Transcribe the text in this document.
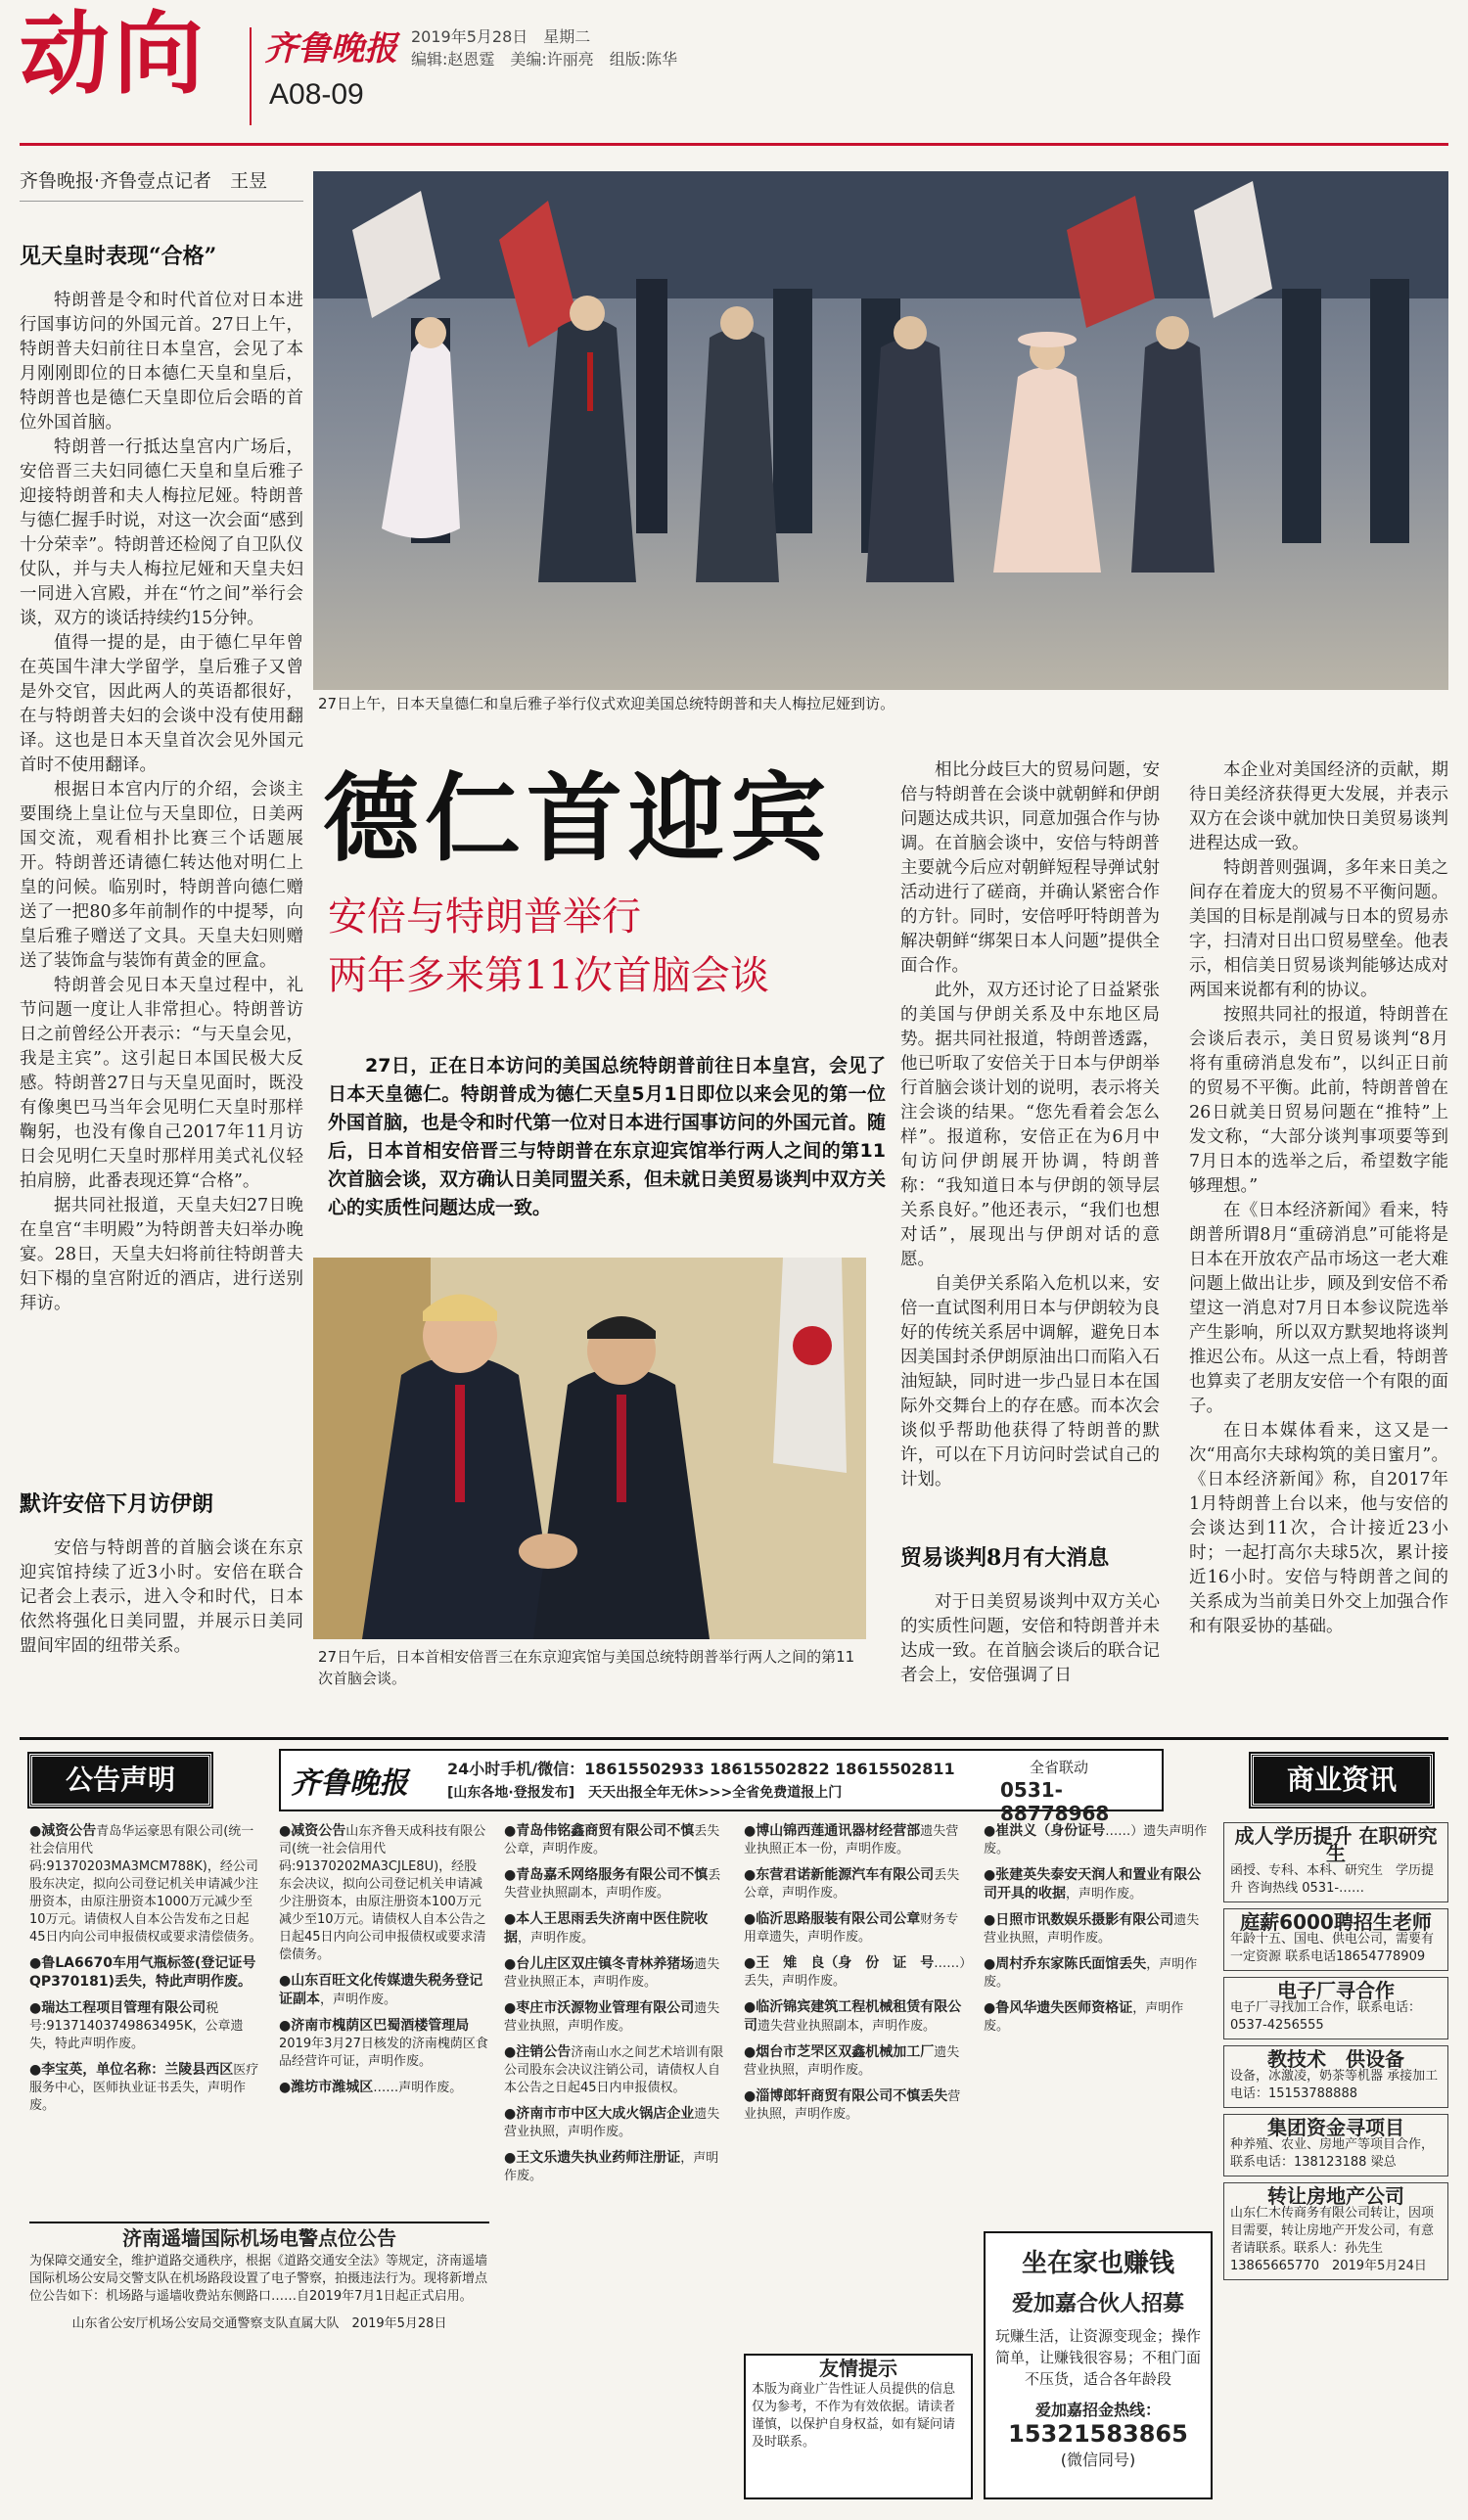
动向 齐鲁晚报
A08-09
2019年5月28日　星期二
编辑:赵恩霆　美编:许丽亮　组版:陈华
齐鲁晚报·齐鲁壹点记者　王昱
见天皇时表现“合格”

特朗普是令和时代首位对日本进行国事访问的外国元首。27日上午，特朗普夫妇前往日本皇宫，会见了本月刚刚即位的日本德仁天皇和皇后，特朗普也是德仁天皇即位后会晤的首位外国首脑。

特朗普一行抵达皇宫内广场后，安倍晋三夫妇同德仁天皇和皇后雅子迎接特朗普和夫人梅拉尼娅。特朗普与德仁握手时说，对这一次会面“感到十分荣幸”。特朗普还检阅了自卫队仪仗队，并与夫人梅拉尼娅和天皇夫妇一同进入宫殿，并在“竹之间”举行会谈，双方的谈话持续约15分钟。

值得一提的是，由于德仁早年曾在英国牛津大学留学，皇后雅子又曾是外交官，因此两人的英语都很好，在与特朗普夫妇的会谈中没有使用翻译。这也是日本天皇首次会见外国元首时不使用翻译。

根据日本宫内厅的介绍，会谈主要围绕上皇让位与天皇即位，日美两国交流，观看相扑比赛三个话题展开。特朗普还请德仁转达他对明仁上皇的问候。临别时，特朗普向德仁赠送了一把80多年前制作的中提琴，向皇后雅子赠送了文具。天皇夫妇则赠送了装饰盒与装饰有黄金的匣盒。

特朗普会见日本天皇过程中，礼节问题一度让人非常担心。特朗普访日之前曾经公开表示：“与天皇会见，我是主宾”。这引起日本国民极大反感。特朗普27日与天皇见面时，既没有像奥巴马当年会见明仁天皇时那样鞠躬，也没有像自己2017年11月访日会见明仁天皇时那样用美式礼仪轻拍肩膀，此番表现还算“合格”。

据共同社报道，天皇夫妇27日晚在皇宫“丰明殿”为特朗普夫妇举办晚宴。28日，天皇夫妇将前往特朗普夫妇下榻的皇宫附近的酒店，进行送别拜访。

默许安倍下月访伊朗

安倍与特朗普的首脑会谈在东京迎宾馆持续了近3小时。安倍在联合记者会上表示，进入令和时代，日本依然将强化日美同盟，并展示日美同盟间牢固的纽带关系。

27日上午，日本天皇德仁和皇后雅子举行仪式欢迎美国总统特朗普和夫人梅拉尼娅到访。
德仁首迎宾
安倍与特朗普举行
两年多来第11次首脑会谈

27日，正在日本访问的美国总统特朗普前往日本皇宫，会见了日本天皇德仁。特朗普成为德仁天皇5月1日即位以来会见的第一位外国首脑，也是令和时代第一位对日本进行国事访问的外国元首。随后，日本首相安倍晋三与特朗普在东京迎宾馆举行两人之间的第11次首脑会谈，双方确认日美同盟关系，但未就日美贸易谈判中双方关心的实质性问题达成一致。

27日午后，日本首相安倍晋三在东京迎宾馆与美国总统特朗普举行两人之间的第11次首脑会谈。

相比分歧巨大的贸易问题，安倍与特朗普在会谈中就朝鲜和伊朗问题达成共识，同意加强合作与协调。在首脑会谈中，安倍与特朗普主要就今后应对朝鲜短程导弹试射活动进行了磋商，并确认紧密合作的方针。同时，安倍呼吁特朗普为解决朝鲜“绑架日本人问题”提供全面合作。

此外，双方还讨论了日益紧张的美国与伊朗关系及中东地区局势。据共同社报道，特朗普透露，他已听取了安倍关于日本与伊朗举行首脑会谈计划的说明，表示将关注会谈的结果。“您先看着会怎么样”。报道称，安倍正在为6月中旬访问伊朗展开协调，特朗普称：“我知道日本与伊朗的领导层关系良好。”他还表示，“我们也想对话”，展现出与伊朗对话的意愿。

自美伊关系陷入危机以来，安倍一直试图利用日本与伊朗较为良好的传统关系居中调解，避免日本因美国封杀伊朗原油出口而陷入石油短缺，同时进一步凸显日本在国际外交舞台上的存在感。而本次会谈似乎帮助他获得了特朗普的默许，可以在下月访问时尝试自己的计划。

贸易谈判8月有大消息

对于日美贸易谈判中双方关心的实质性问题，安倍和特朗普并未达成一致。在首脑会谈后的联合记者会上，安倍强调了日

本企业对美国经济的贡献，期待日美经济获得更大发展，并表示双方在会谈中就加快日美贸易谈判进程达成一致。

特朗普则强调，多年来日美之间存在着庞大的贸易不平衡问题。美国的目标是削减与日本的贸易赤字，扫清对日出口贸易壁垒。他表示，相信美日贸易谈判能够达成对两国来说都有利的协议。

按照共同社的报道，特朗普在会谈后表示，美日贸易谈判“8月将有重磅消息发布”，以纠正日前的贸易不平衡。此前，特朗普曾在26日就美日贸易问题在“推特”上发文称，“大部分谈判事项要等到7月日本的选举之后，希望数字能够理想。”

在《日本经济新闻》看来，特朗普所谓8月“重磅消息”可能将是日本在开放农产品市场这一老大难问题上做出让步，顾及到安倍不希望这一消息对7月日本参议院选举产生影响，所以双方默契地将谈判推迟公布。从这一点上看，特朗普也算卖了老朋友安倍一个有限的面子。

在日本媒体看来，这又是一次“用高尔夫球构筑的美日蜜月”。《日本经济新闻》称，自2017年1月特朗普上台以来，他与安倍的会谈达到11次，合计接近23小时；一起打高尔夫球5次，累计接近16小时。安倍与特朗普之间的关系成为当前美日外交上加强合作和有限妥协的基础。

公告声明	商业资讯
齐鲁晚报	24小时手机/微信：18615502933 18615502822 18615502811
[山东各地·登报发布]　天天出报全年无休>>>全省免费道报上门
全省联动
0531-88778968
●減资公告青岛华运豪思有限公司(统一社会信用代码:91370203MA3MCM788K)，经公司股东决定，拟向公司登记机关申请减少注册资本，由原注册资本1000万元减少至10万元。请债权人自本公告发布之日起45日内向公司申报债权或要求清偿债务。
●鲁LA6670车用气瓶标签(登记证号QP370181)丢失，特此声明作废。
●瑞达工程项目管理有限公司税号:91371403749863495K，公章遗失，特此声明作废。
●李宝英，单位名称：兰陵县西区医疗服务中心，医师执业证书丢失，声明作废。
济南遥墙国际机场电警点位公告
为保障交通安全，维护道路交通秩序，根据《道路交通安全法》等规定，济南遥墙国际机场公安局交警支队在机场路段设置了电子警察，拍摄违法行为。现将新增点位公告如下：机场路与遥墙收费站东侧路口……自2019年7月1日起正式启用。
山东省公安厅机场公安局交通警察支队直属大队　2019年5月28日
●减资公告山东齐鲁天成科技有限公司(统一社会信用代码:91370202MA3CJLE8U)，经股东会决议，拟向公司登记机关申请减少注册资本，由原注册资本100万元减少至10万元。请债权人自本公告之日起45日内向公司申报债权或要求清偿债务。
●山东百旺文化传媒遗失税务登记证副本，声明作废。
●济南市槐荫区巴蜀酒楼管理局2019年3月27日核发的济南槐荫区食品经营许可证，声明作废。
●潍坊市潍城区……声明作废。
●青岛伟铭鑫商贸有限公司不慎丢失公章，声明作废。
●青岛嘉禾网络服务有限公司不慎丢失营业执照副本，声明作废。
●本人王思雨丢失济南中医住院收据，声明作废。
●台儿庄区双庄镇冬青林养猪场遗失营业执照正本，声明作废。
●枣庄市沃源物业管理有限公司遗失营业执照，声明作废。
●注销公告济南山水之间艺术培训有限公司股东会决议注销公司，请债权人自本公告之日起45日内申报债权。
●济南市市中区大成火锅店企业遗失营业执照，声明作废。
●王文乐遗失执业药师注册证，声明作废。
●博山锦西莲通讯器材经营部遗失营业执照正本一份，声明作废。
●东营君诺新能源汽车有限公司丢失公章，声明作废。
●临沂思路服装有限公司公章财务专用章遗失，声明作废。
●王　雉　良（身　份　证　号……）丢失，声明作废。
●临沂锦宾建筑工程机械租赁有限公司遗失营业执照副本，声明作废。
●烟台市芝罘区双鑫机械加工厂遗失营业执照，声明作废。
●淄博郎轩商贸有限公司不慎丢失营业执照，声明作废。
友情提示
本版为商业广告性证人员提供的信息仅为参考，不作为有效依据。请读者谨慎，以保护自身权益，如有疑问请及时联系。
●崔洪义（身份证号……）遗失声明作废。
●张建英失泰安天润人和置业有限公司开具的收据，声明作废。
●日照市讯数娱乐摄影有限公司遗失营业执照，声明作废。
●周村乔东家陈氏面馆丢失，声明作废。
●鲁风华遗失医师资格证，声明作废。
坐在家也赚钱
爱加嘉合伙人招募
玩赚生活，让资源变现金；操作简单，让赚钱很容易；不租门面不压货，适合各年龄段
爱加嘉招金热线：
15321583865
(微信同号)
成人学历提升 在职研究生
函授、专科、本科、研究生　学历提升 咨询热线 0531-……
庭薪6000聘招生老师
年龄十五、国电、供电公司，需要有一定资源 联系电话18654778909
电子厂寻合作
电子厂寻找加工合作，联系电话：0537-4256555
教技术　供设备
设备，冰激凌，奶茶等机器 承接加工 电话：15153788888
集团资金寻项目
种养殖、农业、房地产等项目合作，联系电话：138123188 梁总
转让房地产公司
山东仁木传商务有限公司转让，因项目需要，转让房地产开发公司，有意者请联系。联系人：孙先生 13865665770　2019年5月24日
